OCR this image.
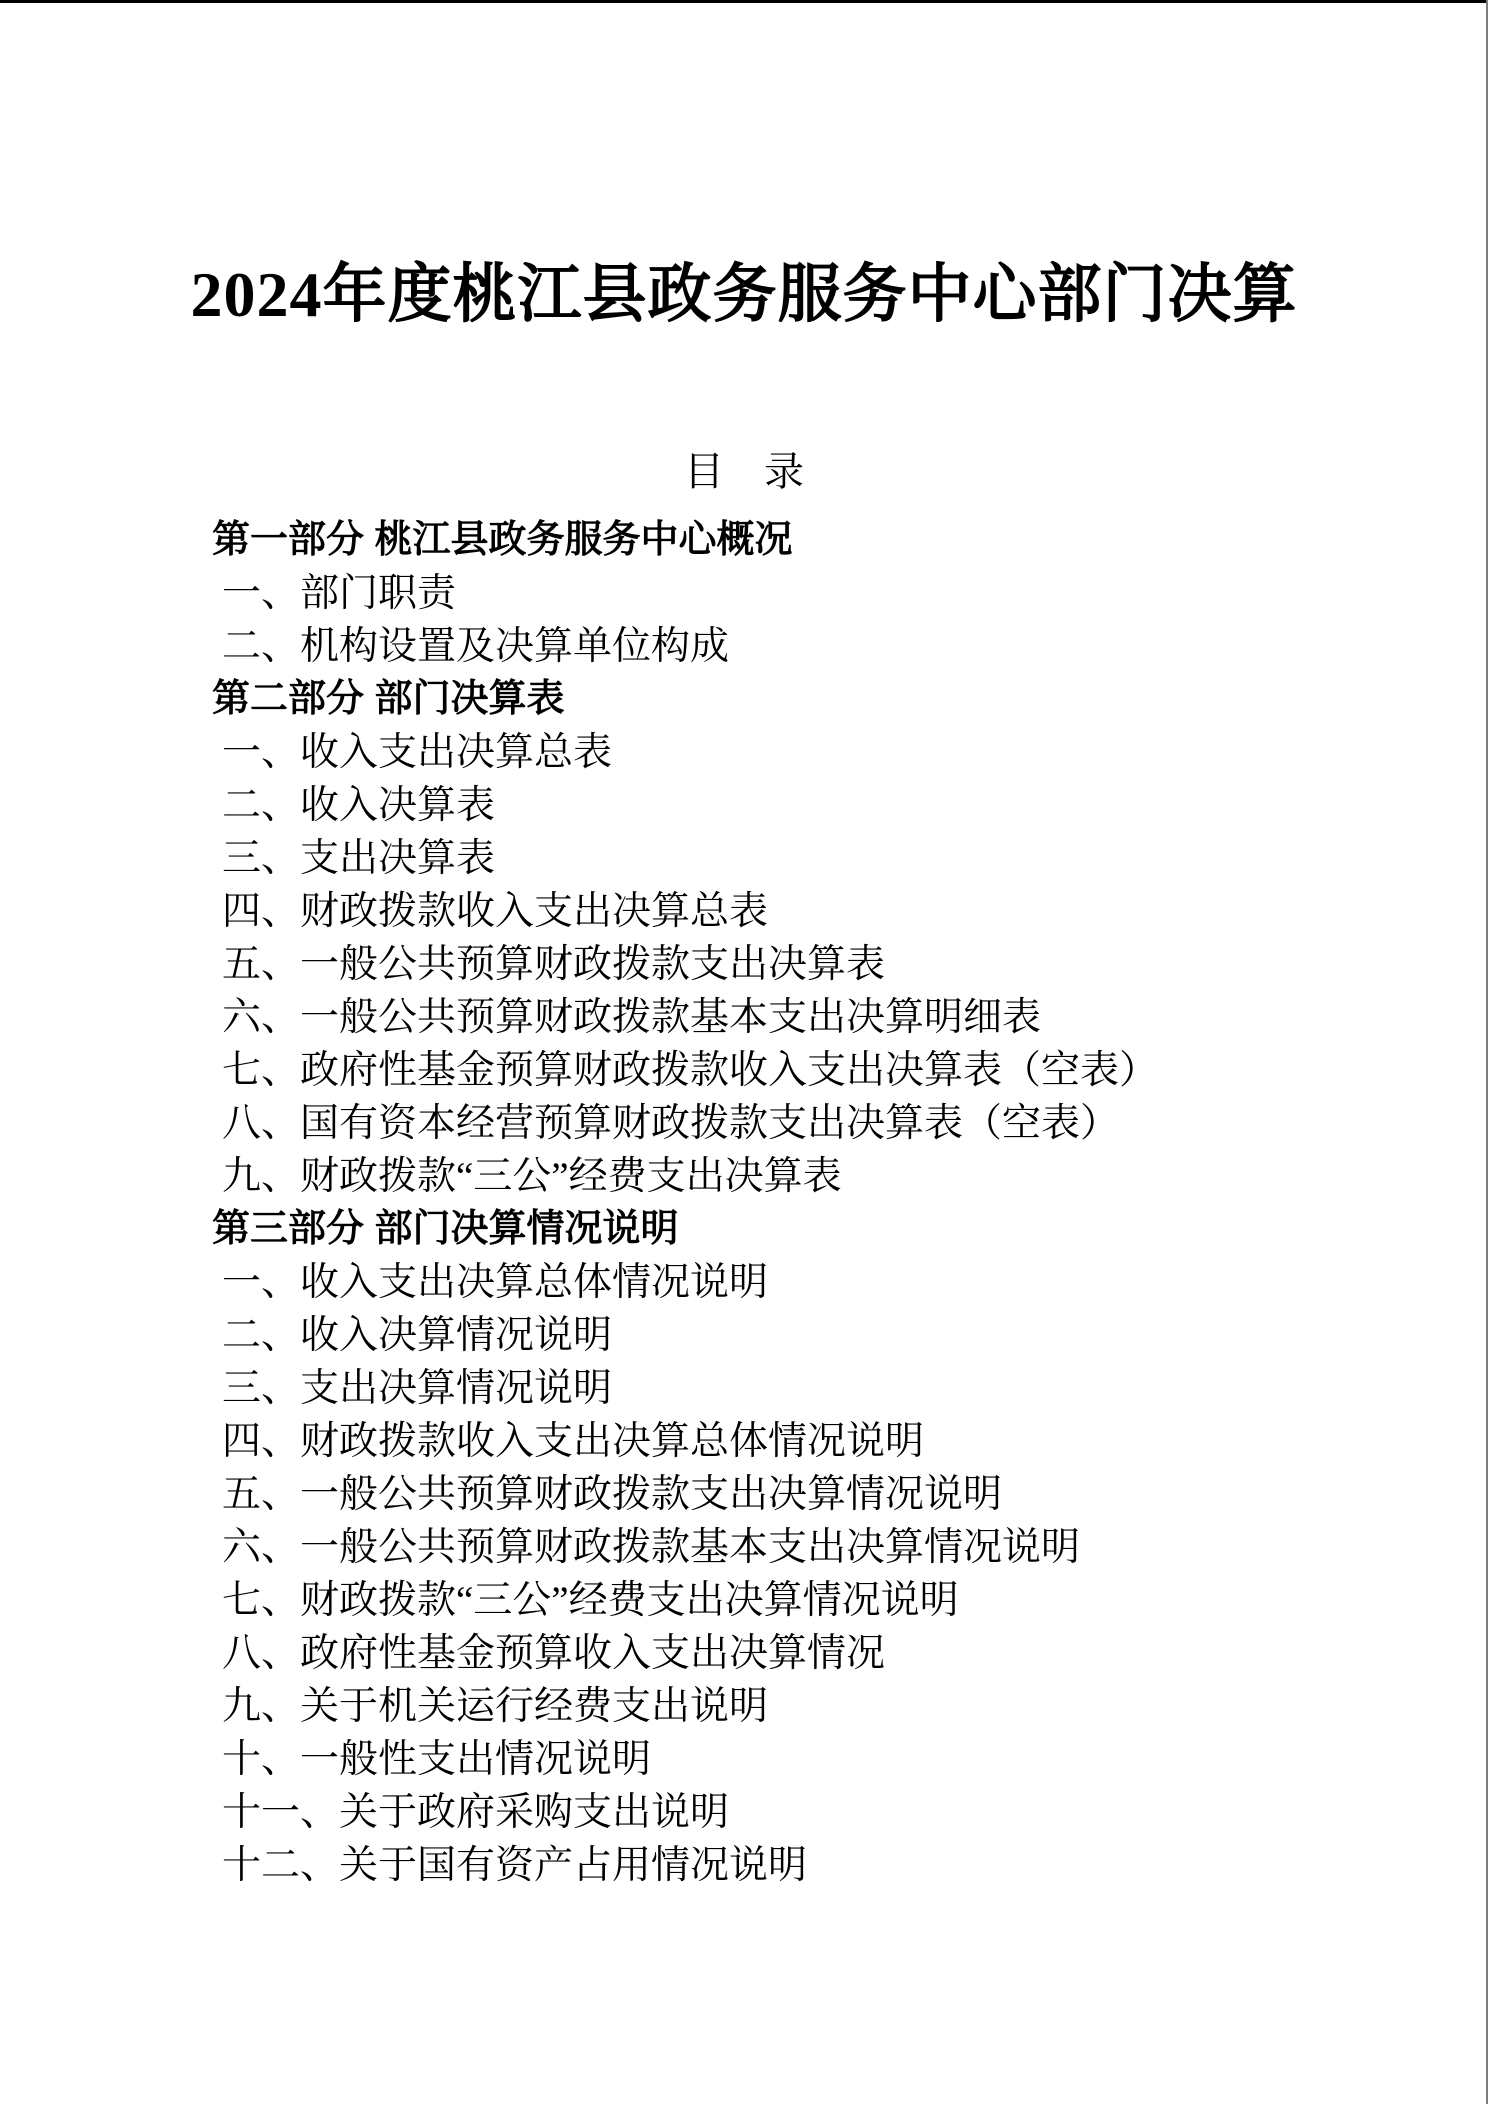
2024年度桃江县政务服务中心部门决算
目　录
第一部分 桃江县政务服务中心概况
一、部门职责
二、机构设置及决算单位构成
第二部分 部门决算表
一、收入支出决算总表
二、收入决算表
三、支出决算表
四、财政拨款收入支出决算总表
五、一般公共预算财政拨款支出决算表
六、一般公共预算财政拨款基本支出决算明细表
七、政府性基金预算财政拨款收入支出决算表（空表）
八、国有资本经营预算财政拨款支出决算表（空表）
九、财政拨款“三公”经费支出决算表
第三部分 部门决算情况说明
一、收入支出决算总体情况说明
二、收入决算情况说明
三、支出决算情况说明
四、财政拨款收入支出决算总体情况说明
五、一般公共预算财政拨款支出决算情况说明
六、一般公共预算财政拨款基本支出决算情况说明
七、财政拨款“三公”经费支出决算情况说明
八、政府性基金预算收入支出决算情况
九、关于机关运行经费支出说明
十、一般性支出情况说明
十一、关于政府采购支出说明
十二、关于国有资产占用情况说明
